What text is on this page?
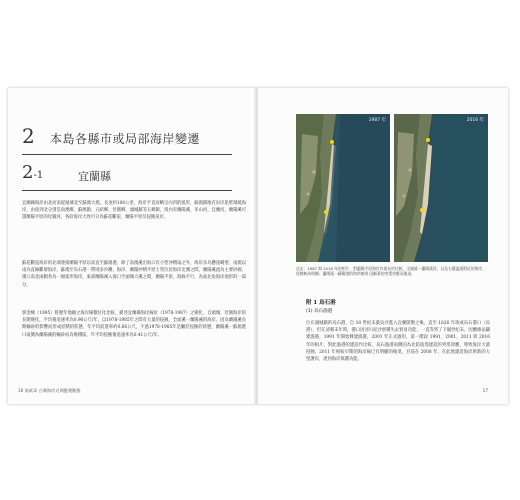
2 本島各縣市或局部海岸變遷
2-1	宜蘭縣
宜蘭縣海岸由北而南從頭城北至蘇澳大澳，長度約106公里，海岸平直而略呈內凹的弧形，蘇澳鎮地有岩岸崖壁環繞海岸，由南到北分別是南澳鄉、蘇澳鎮、五結鄉、壯圍鄉、頭城鎮等五鄉鎮，境內有蘭陽溪、冬山河、宜蘭河，蘭陽溪可謂蘭陽平原的母親河，各段海岸大致可分為蘇花斷崖、蘭陽平原及侵蝕崖岸。
蘇花斷崖海岸的北端連接蘭陽平原以南直至蘇澳港，除了南澳溪出海口有小型沖積扇之外，海岸多為懸崖峭壁；南澳以南為直線斷層海岸，蘇澳至烏石港一帶則多沙灘，海岸、蘭陽沖積平原土質位於海岸北側之間，蘭陽溪流為主要砂源，漢口南北兩側各為一個弧形海岸，東部蘭陽溪入海口至頭城大溪之間，蘭陽平原，海線平行，為東北角海岸地形的一部分。
郭金棟（1995）將歷年地圖之海岸線數位化比較，描述宜蘭縣海岸線於（1978-1987）之變化，自頭城、壯圍海岸的長期變化，平均後退速率為0.96公尺/年，以1978-1985年之間有大量的侵蝕，全面溪一蘭陽溪的海岸，因為蘭陽溪長期輸砂的影響而形成淤積的狀態，年平均前進率約0.66公尺，不過1978-1985年是屬於侵蝕的狀態，蘭陽溪一蘇澳港口南側為蘭陽溪的輸砂而為堆積區，年平均侵蝕後退速率為0.41公尺/年。
16 第貳章 台灣海岸近期變遷動態
1987 年	2016 年
註記：1987 與 2016 年的相片，對蘭陽平原海岸作最長的比較，全國溪一蘭陽溪段，以及右變溫溪附近的海岸，侵蝕較為明顯；蘭陽溪一蘇澳港的海岸線則 因顯著的突堤效應而後退。
附 1 烏石港
(1) 烏石漁港
位在頭城鎮的烏石港，自 18 世紀末葉吳沙進入宜蘭開墾之後，直至 1826 年竣成烏石港口（烏港），但在清朝末年時，港口因河川泥沙淤積失去貿易功能，一直等到了下個世紀末，因應修法闢建漁港，1991 年開始興建漁港，2001 年正式啟用，第一階段 1991、2001、2011 與 2016 年的相片，對此漁港的建設作比較，烏石漁港南側因為北防波堤建設的突堤效應，導致海岸大量侵蝕，2011 年相較早期的海岸線已有明顯的後退，目前在 2008 年，在此地建設海岸與新的大型護岸，達到海岸保護功能。
17
